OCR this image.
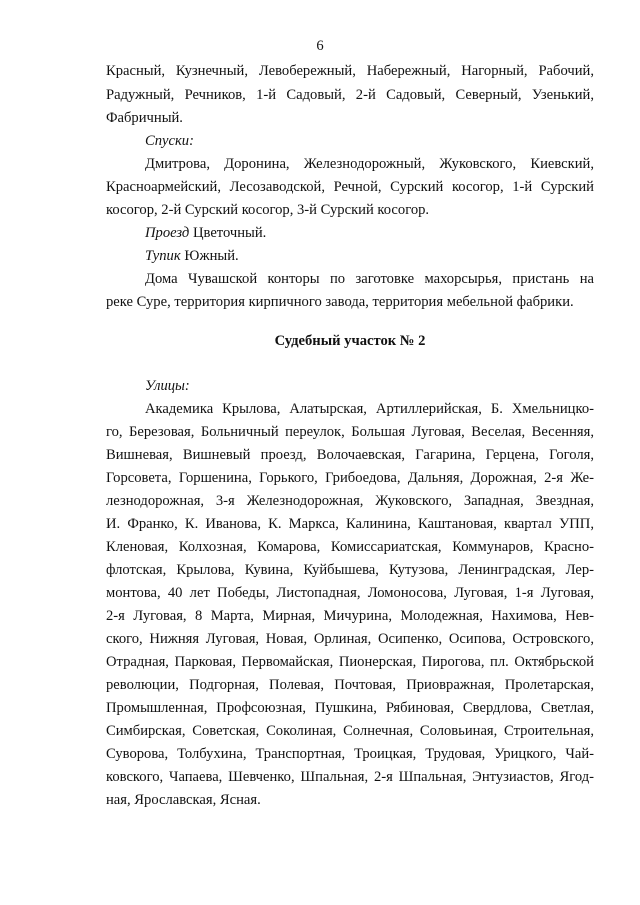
6
Красный, Кузнечный, Левобережный, Набережный, Нагорный, Рабочий,
Радужный, Речников, 1-й Садовый, 2-й Садовый, Северный, Узенький,
Фабричный.
Спуски:
Дмитрова, Доронина, Железнодорожный, Жуковского, Киевский,
Красноармейский, Лесозаводской, Речной, Сурский косогор, 1-й Сурский
косогор, 2-й Сурский косогор, 3-й Сурский косогор.
Проезд Цветочный.
Тупик Южный.
Дома Чувашской конторы по заготовке махорсырья, пристань на
реке Суре, территория кирпичного завода, территория мебельной фабрики.
Судебный участок № 2
Улицы:
Академика Крылова, Алатырская, Артиллерийская, Б. Хмельницко-
го, Березовая, Больничный переулок, Большая Луговая, Веселая, Весенняя,
Вишневая, Вишневый проезд, Волочаевская, Гагарина, Герцена, Гоголя,
Горсовета, Горшенина, Горького, Грибоедова, Дальняя, Дорожная, 2-я Же-
лезнодорожная, 3-я Железнодорожная, Жуковского, Западная, Звездная,
И. Франко, К. Иванова, К. Маркса, Калинина, Каштановая, квартал УПП,
Кленовая, Колхозная, Комарова, Комиссариатская, Коммунаров, Красно-
флотская, Крылова, Кувина, Куйбышева, Кутузова, Ленинградская, Лер-
монтова, 40 лет Победы, Листопадная, Ломоносова, Луговая, 1-я Луговая,
2-я Луговая, 8 Марта, Мирная, Мичурина, Молодежная, Нахимова, Нев-
ского, Нижняя Луговая, Новая, Орлиная, Осипенко, Осипова, Островского,
Отрадная, Парковая, Первомайская, Пионерская, Пирогова, пл. Октябрьской
революции, Подгорная, Полевая, Почтовая, Приовражная, Пролетарская,
Промышленная, Профсоюзная, Пушкина, Рябиновая, Свердлова, Светлая,
Симбирская, Советская, Соколиная, Солнечная, Соловьиная, Строительная,
Суворова, Толбухина, Транспортная, Троицкая, Трудовая, Урицкого, Чай-
ковского, Чапаева, Шевченко, Шпальная, 2-я Шпальная, Энтузиастов, Ягод-
ная, Ярославская, Ясная.
